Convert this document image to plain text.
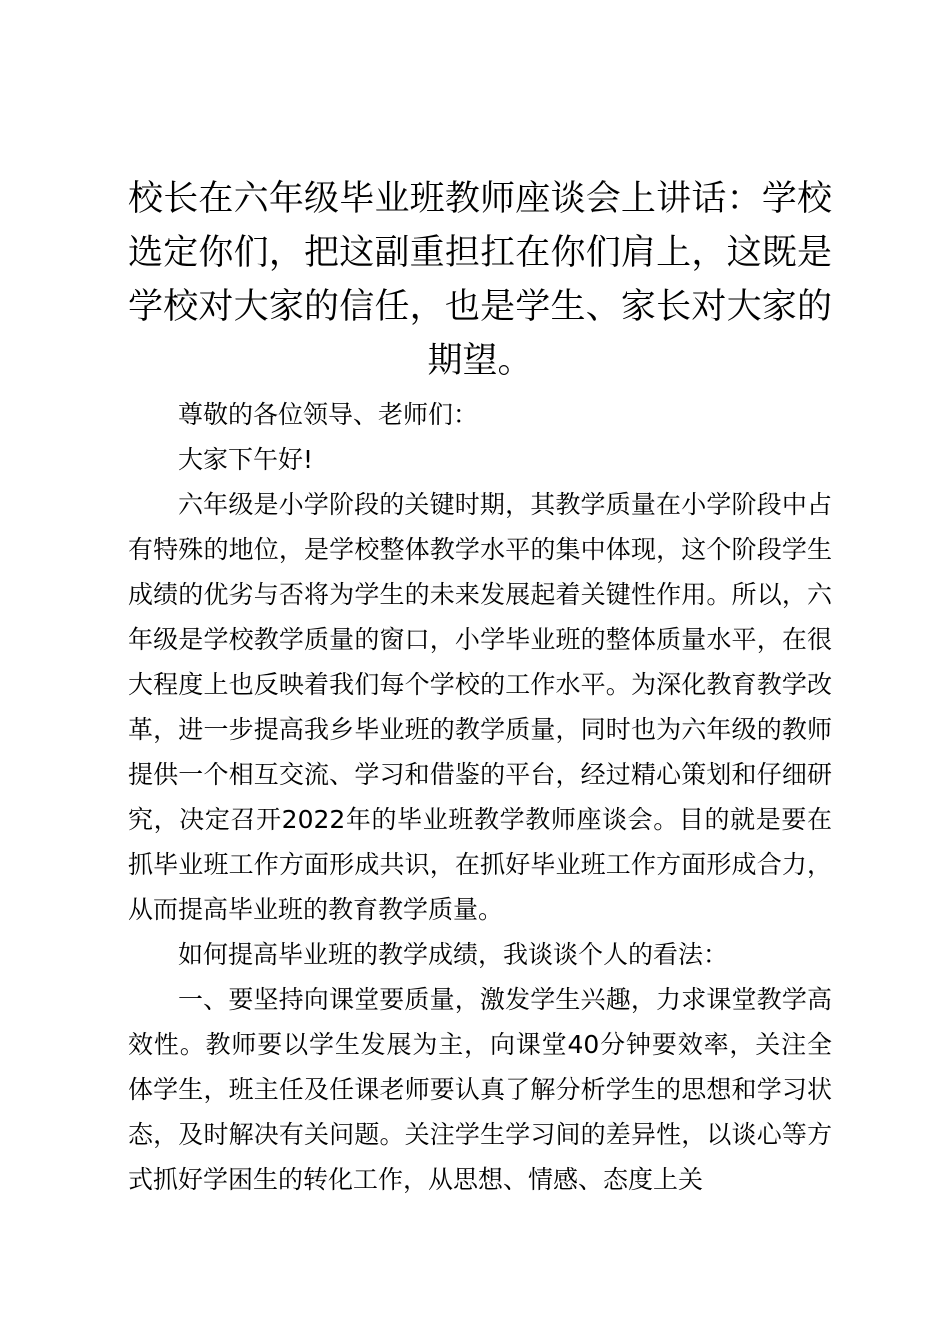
校长在六年级毕业班教师座谈会上讲话：学校选定你们，把这副重担扛在你们肩上，这既是学校对大家的信任，也是学生、家长对大家的期望。

尊敬的各位领导、老师们：

大家下午好!

六年级是小学阶段的关键时期，其教学质量在小学阶段中占有特殊的地位，是学校整体教学水平的集中体现，这个阶段学生成绩的优劣与否将为学生的未来发展起着关键性作用。所以，六年级是学校教学质量的窗口，小学毕业班的整体质量水平，在很大程度上也反映着我们每个学校的工作水平。为深化教育教学改革，进一步提高我乡毕业班的教学质量，同时也为六年级的教师提供一个相互交流、学习和借鉴的平台，经过精心策划和仔细研究，决定召开2022年的毕业班教学教师座谈会。目的就是要在抓毕业班工作方面形成共识，在抓好毕业班工作方面形成合力，从而提高毕业班的教育教学质量。

如何提高毕业班的教学成绩，我谈谈个人的看法：

一、要坚持向课堂要质量，激发学生兴趣，力求课堂教学高效性。教师要以学生发展为主，向课堂40分钟要效率，关注全体学生，班主任及任课老师要认真了解分析学生的思想和学习状态，及时解决有关问题。关注学生学习间的差异性，以谈心等方式抓好学困生的转化工作，从思想、情感、态度上关
